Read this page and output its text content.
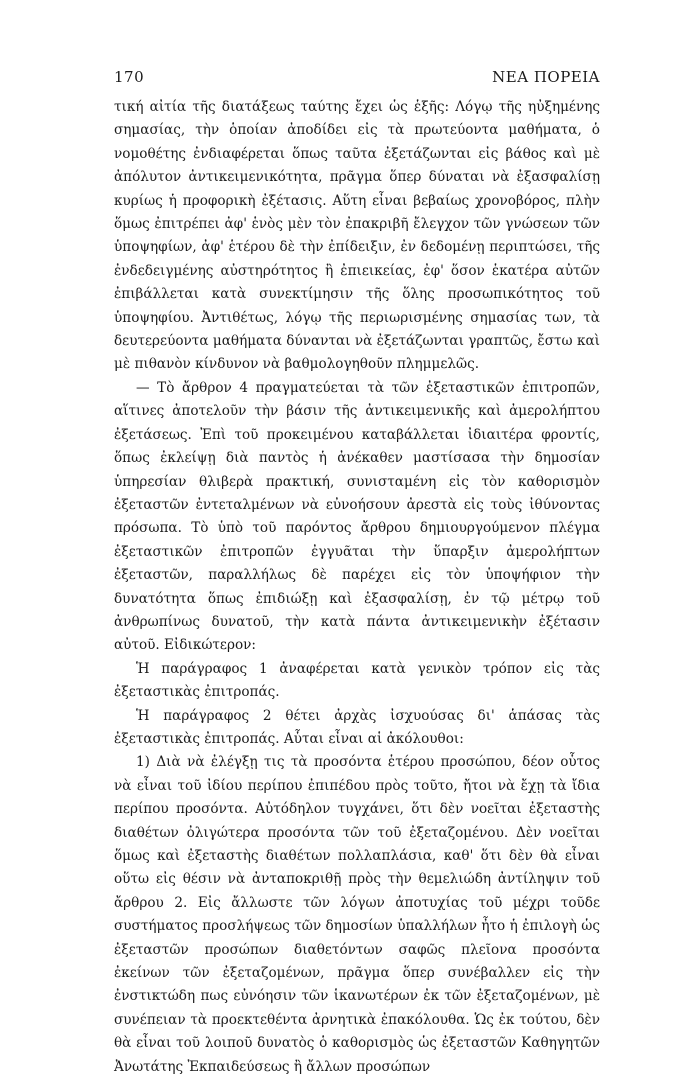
170	ΝΕΑ ΠΟΡΕΙΑ

τική αἰτία τῆς διατάξεως ταύτης ἔχει ὡς ἑξῆς: Λόγῳ τῆς ηὐξημένης σημασίας, τὴν ὁποίαν ἀποδίδει εἰς τὰ πρωτεύοντα μαθήματα, ὁ νομοθέτης ἐνδιαφέρεται ὅπως ταῦτα ἐξετάζωνται εἰς βάθος καὶ μὲ ἀπόλυτον ἀντικειμενικότητα, πρᾶγμα ὅπερ δύναται νὰ ἐξασφαλίσῃ κυρίως ἡ προφορικὴ ἐξέτασις. Αὕτη εἶναι βεβαίως χρονοβόρος, πλὴν ὅμως ἐπιτρέπει ἀφ' ἑνὸς μὲν τὸν ἐπακριβῆ ἔλεγχον τῶν γνώσεων τῶν ὑποψηφίων, ἀφ' ἑτέρου δὲ τὴν ἐπίδειξιν, ἐν δεδομένῃ περιπτώσει, τῆς ἐνδεδειγμένης αὐστηρότητος ἢ ἐπιεικείας, ἐφ' ὅσον ἑκατέρα αὐτῶν ἐπιβάλλεται κατὰ συνεκτίμησιν τῆς ὅλης προσωπικότητος τοῦ ὑποψηφίου. Ἀντιθέτως, λόγῳ τῆς περιωρισμένης σημασίας των, τὰ δευτερεύοντα μαθήματα δύνανται νὰ ἐξετάζωνται γραπτῶς, ἔστω καὶ μὲ πιθανὸν κίνδυνον νὰ βαθμολογηθοῦν πλημμελῶς.

— Τὸ ἄρθρον 4 πραγματεύεται τὰ τῶν ἐξεταστικῶν ἐπιτροπῶν, αἵτινες ἀποτελοῦν τὴν βάσιν τῆς ἀντικειμενικῆς καὶ ἀμερολήπτου ἐξετάσεως. Ἐπὶ τοῦ προκειμένου καταβάλλεται ἰδιαιτέρα φροντίς, ὅπως ἐκλείψῃ διὰ παντὸς ἡ ἀνέκαθεν μαστίσασα τὴν δημοσίαν ὑπηρεσίαν θλιβερὰ πρακτική, συνισταμένη εἰς τὸν καθορισμὸν ἐξεταστῶν ἐντεταλμένων νὰ εὐνοήσουν ἀρεστὰ εἰς τοὺς ἰθύνοντας πρόσωπα. Τὸ ὑπὸ τοῦ παρόντος ἄρθρου δημιουργούμενον πλέγμα ἐξεταστικῶν ἐπιτροπῶν ἐγγυᾶται τὴν ὕπαρξιν ἀμερολήπτων ἐξεταστῶν, παραλλήλως δὲ παρέχει εἰς τὸν ὑποψήφιον τὴν δυνατότητα ὅπως ἐπιδιώξῃ καὶ ἐξασφαλίσῃ, ἐν τῷ μέτρῳ τοῦ ἀνθρωπίνως δυνατοῦ, τὴν κατὰ πάντα ἀντικειμενικὴν ἐξέτασιν αὐτοῦ. Εἰδικώτερον:

Ἡ παράγραφος 1 ἀναφέρεται κατὰ γενικὸν τρόπον εἰς τὰς ἐξεταστικὰς ἐπιτροπάς.

Ἡ παράγραφος 2 θέτει ἀρχὰς ἰσχυούσας δι' ἁπάσας τὰς ἐξεταστικὰς ἐπιτροπάς. Αὗται εἶναι αἱ ἀκόλουθοι:

1) Διὰ νὰ ἐλέγξῃ τις τὰ προσόντα ἑτέρου προσώπου, δέον οὗτος νὰ εἶναι τοῦ ἰδίου περίπου ἐπιπέδου πρὸς τοῦτο, ἤτοι νὰ ἔχῃ τὰ ἴδια περίπου προσόντα. Αὐτόδηλον τυγχάνει, ὅτι δὲν νοεῖται ἐξεταστὴς διαθέτων ὀλιγώτερα προσόντα τῶν τοῦ ἐξεταζομένου. Δὲν νοεῖται ὅμως καὶ ἐξεταστὴς διαθέτων πολλαπλάσια, καθ' ὅτι δὲν θὰ εἶναι οὕτω εἰς θέσιν νὰ ἀνταποκριθῇ πρὸς τὴν θεμελιώδη ἀντίληψιν τοῦ ἄρθρου 2. Εἰς ἄλλωστε τῶν λόγων ἀποτυχίας τοῦ μέχρι τοῦδε συστήματος προσλήψεως τῶν δημοσίων ὑπαλλήλων ἦτο ἡ ἐπιλογὴ ὡς ἐξεταστῶν προσώπων διαθετόντων σαφῶς πλεῖονα προσόντα ἐκείνων τῶν ἐξεταζομένων, πρᾶγμα ὅπερ συνέβαλλεν εἰς τὴν ἐνστικτώδη πως εὐνόησιν τῶν ἱκανωτέρων ἐκ τῶν ἐξεταζομένων, μὲ συνέπειαν τὰ προεκτεθέντα ἀρνητικὰ ἐπακόλουθα. Ὡς ἐκ τούτου, δὲν θὰ εἶναι τοῦ λοιποῦ δυνατὸς ὁ καθορισμὸς ὡς ἐξεταστῶν Καθηγητῶν Ἀνωτάτης Ἐκπαιδεύσεως ἢ ἄλλων προσώπων
